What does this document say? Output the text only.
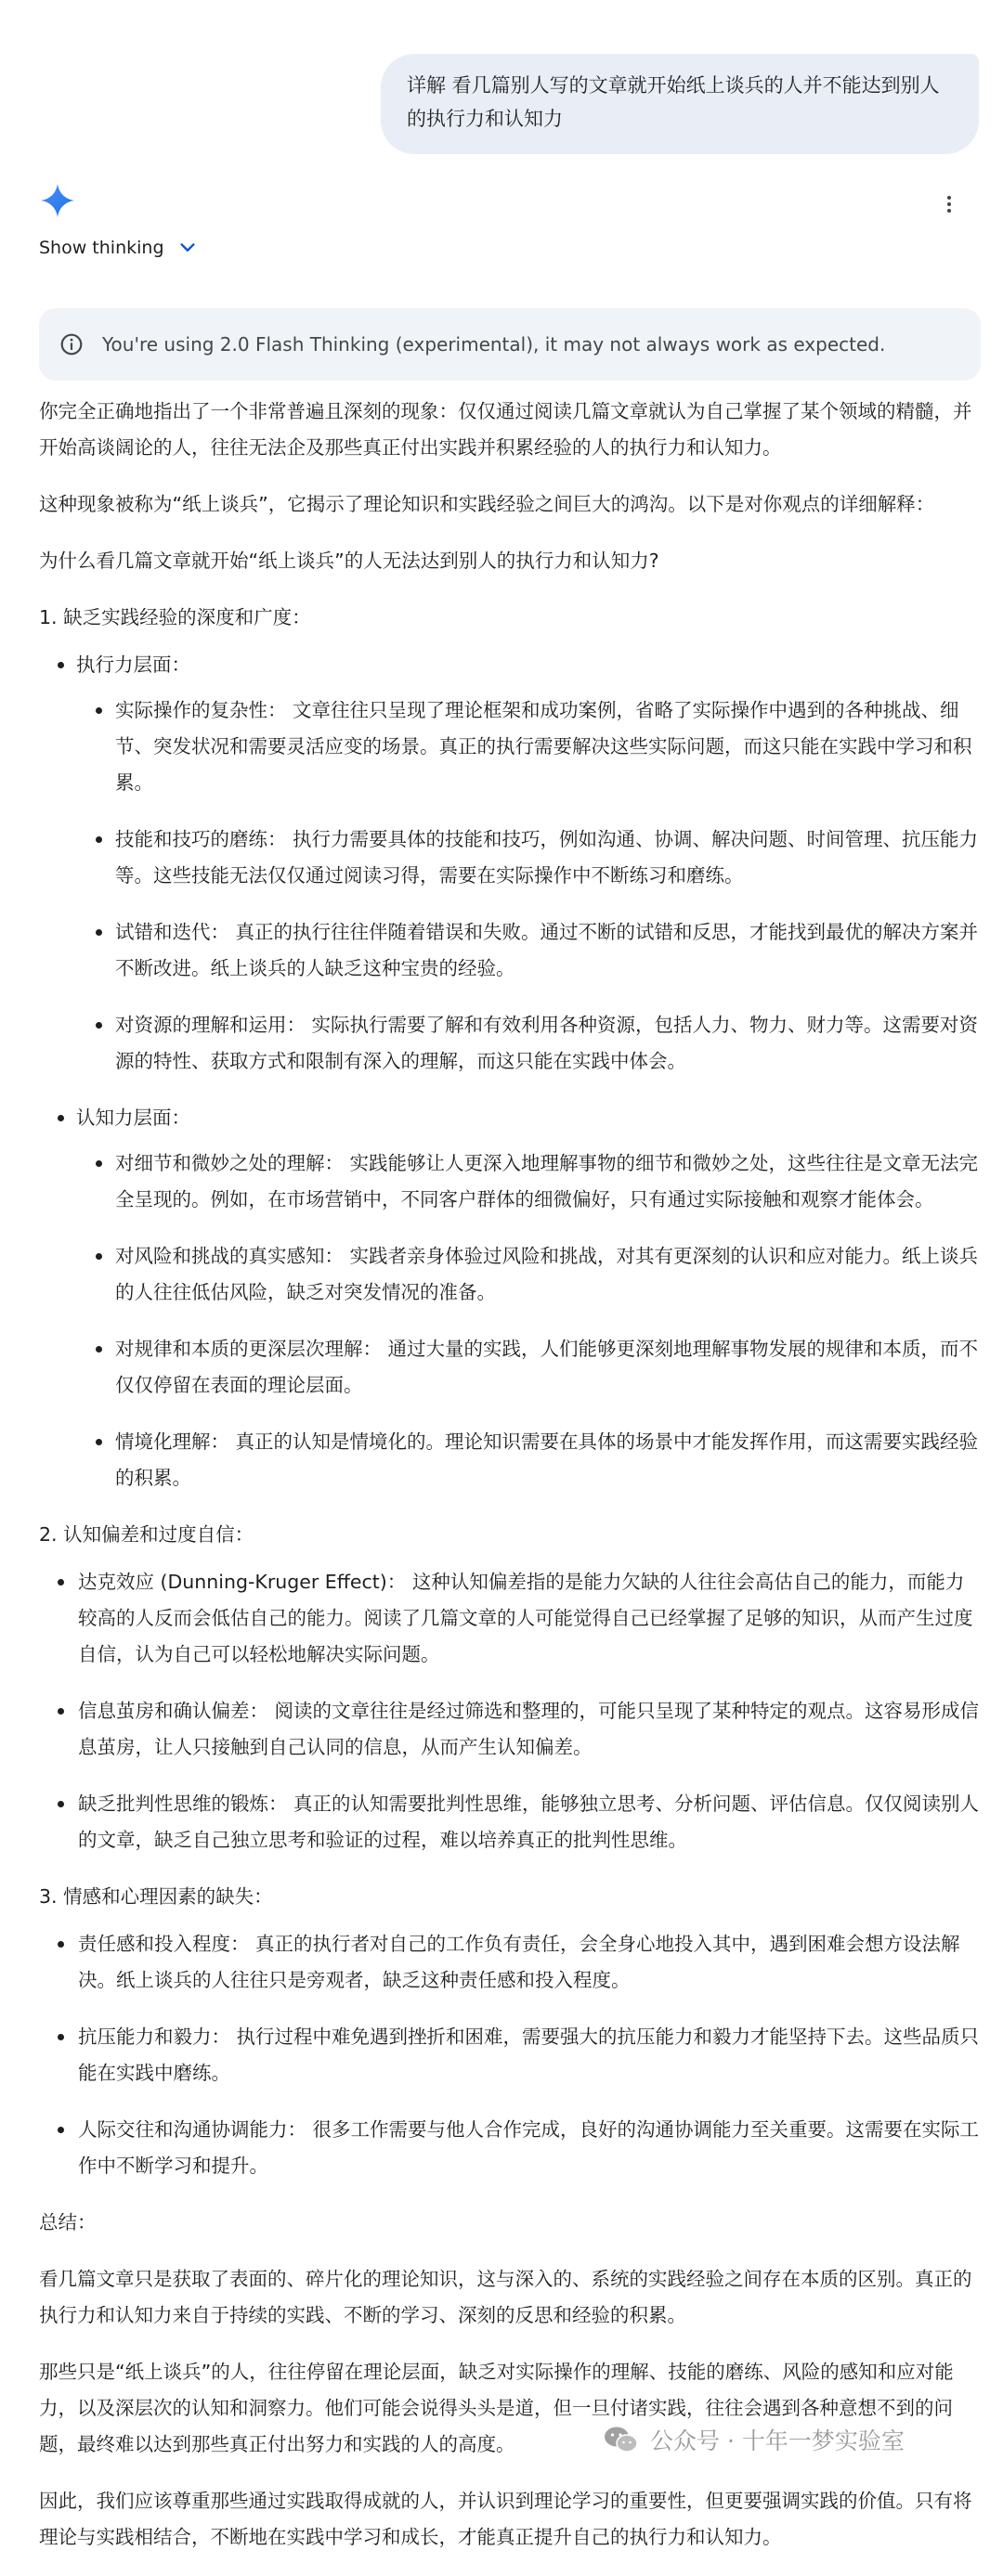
详解 看几篇别人写的文章就开始纸上谈兵的人并不能达到别人的执行力和认知力
Show thinking
You're using 2.0 Flash Thinking (experimental), it may not always work as expected.

你完全正确地指出了一个非常普遍且深刻的现象：仅仅通过阅读几篇文章就认为自己掌握了某个领域的精髓，并开始高谈阔论的人，往往无法企及那些真正付出实践并积累经验的人的执行力和认知力。

这种现象被称为“纸上谈兵”，它揭示了理论知识和实践经验之间巨大的鸿沟。以下是对你观点的详细解释：

为什么看几篇文章就开始“纸上谈兵”的人无法达到别人的执行力和认知力?

1. 缺乏实践经验的深度和广度：

执行力层面：
实际操作的复杂性： 文章往往只呈现了理论框架和成功案例，省略了实际操作中遇到的各种挑战、细节、突发状况和需要灵活应变的场景。真正的执行需要解决这些实际问题，而这只能在实践中学习和积累。
技能和技巧的磨练： 执行力需要具体的技能和技巧，例如沟通、协调、解决问题、时间管理、抗压能力等。这些技能无法仅仅通过阅读习得，需要在实际操作中不断练习和磨练。
试错和迭代： 真正的执行往往伴随着错误和失败。通过不断的试错和反思，才能找到最优的解决方案并不断改进。纸上谈兵的人缺乏这种宝贵的经验。
对资源的理解和运用： 实际执行需要了解和有效利用各种资源，包括人力、物力、财力等。这需要对资源的特性、获取方式和限制有深入的理解，而这只能在实践中体会。
认知力层面：
对细节和微妙之处的理解： 实践能够让人更深入地理解事物的细节和微妙之处，这些往往是文章无法完全呈现的。例如，在市场营销中，不同客户群体的细微偏好，只有通过实际接触和观察才能体会。
对风险和挑战的真实感知： 实践者亲身体验过风险和挑战，对其有更深刻的认识和应对能力。纸上谈兵的人往往低估风险，缺乏对突发情况的准备。
对规律和本质的更深层次理解： 通过大量的实践，人们能够更深刻地理解事物发展的规律和本质，而不仅仅停留在表面的理论层面。
情境化理解： 真正的认知是情境化的。理论知识需要在具体的场景中才能发挥作用，而这需要实践经验的积累。

2. 认知偏差和过度自信：

达克效应 (Dunning-Kruger Effect)： 这种认知偏差指的是能力欠缺的人往往会高估自己的能力，而能力较高的人反而会低估自己的能力。阅读了几篇文章的人可能觉得自己已经掌握了足够的知识，从而产生过度自信，认为自己可以轻松地解决实际问题。
信息茧房和确认偏差： 阅读的文章往往是经过筛选和整理的，可能只呈现了某种特定的观点。这容易形成信息茧房，让人只接触到自己认同的信息，从而产生认知偏差。
缺乏批判性思维的锻炼： 真正的认知需要批判性思维，能够独立思考、分析问题、评估信息。仅仅阅读别人的文章，缺乏自己独立思考和验证的过程，难以培养真正的批判性思维。

3. 情感和心理因素的缺失：

责任感和投入程度： 真正的执行者对自己的工作负有责任，会全身心地投入其中，遇到困难会想方设法解决。纸上谈兵的人往往只是旁观者，缺乏这种责任感和投入程度。
抗压能力和毅力： 执行过程中难免遇到挫折和困难，需要强大的抗压能力和毅力才能坚持下去。这些品质只能在实践中磨练。
人际交往和沟通协调能力： 很多工作需要与他人合作完成，良好的沟通协调能力至关重要。这需要在实际工作中不断学习和提升。

总结：

看几篇文章只是获取了表面的、碎片化的理论知识，这与深入的、系统的实践经验之间存在本质的区别。真正的执行力和认知力来自于持续的实践、不断的学习、深刻的反思和经验的积累。

那些只是“纸上谈兵”的人，往往停留在理论层面，缺乏对实际操作的理解、技能的磨练、风险的感知和应对能力，以及深层次的认知和洞察力。他们可能会说得头头是道，但一旦付诸实践，往往会遇到各种意想不到的问题，最终难以达到那些真正付出努力和实践的人的高度。

因此，我们应该尊重那些通过实践取得成就的人，并认识到理论学习的重要性，但更要强调实践的价值。只有将理论与实践相结合，不断地在实践中学习和成长，才能真正提升自己的执行力和认知力。

公众号 · 十年一梦实验室
